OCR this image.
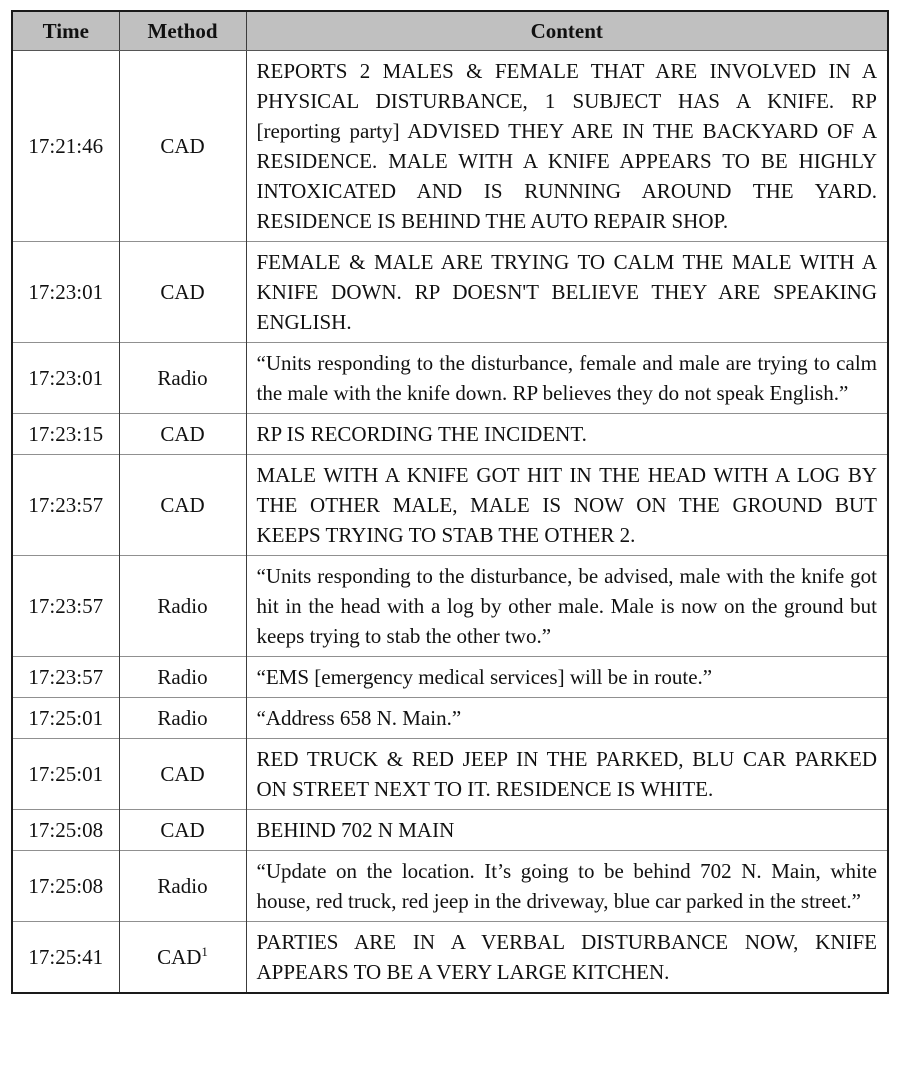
Time	Method	Content
17:21:46	CAD	REPORTS 2 MALES & FEMALE THAT ARE INVOLVED IN A PHYSICAL DISTURBANCE, 1 SUBJECT HAS A KNIFE. RP [reporting party] ADVISED THEY ARE IN THE BACKYARD OF A RESIDENCE. MALE WITH A KNIFE APPEARS TO BE HIGHLY INTOXICATED AND IS RUNNING AROUND THE YARD. RESIDENCE IS BEHIND THE AUTO REPAIR SHOP.
17:23:01	CAD	FEMALE & MALE ARE TRYING TO CALM THE MALE WITH A KNIFE DOWN. RP DOESN'T BELIEVE THEY ARE SPEAKING ENGLISH.
17:23:01	Radio	“Units responding to the disturbance, female and male are trying to calm the male with the knife down. RP believes they do not speak English.”
17:23:15	CAD	RP IS RECORDING THE INCIDENT.
17:23:57	CAD	MALE WITH A KNIFE GOT HIT IN THE HEAD WITH A LOG BY THE OTHER MALE, MALE IS NOW ON THE GROUND BUT KEEPS TRYING TO STAB THE OTHER 2.
17:23:57	Radio	“Units responding to the disturbance, be advised, male with the knife got hit in the head with a log by other male. Male is now on the ground but keeps trying to stab the other two.”
17:23:57	Radio	“EMS [emergency medical services] will be in route.”
17:25:01	Radio	“Address 658 N. Main.”
17:25:01	CAD	RED TRUCK & RED JEEP IN THE PARKED, BLU CAR PARKED ON STREET NEXT TO IT. RESIDENCE IS WHITE.
17:25:08	CAD	BEHIND 702 N MAIN
17:25:08	Radio	“Update on the location. It’s going to be behind 702 N. Main, white house, red truck, red jeep in the driveway, blue car parked in the street.”
17:25:41	CAD$^1$	PARTIES ARE IN A VERBAL DISTURBANCE NOW, KNIFE APPEARS TO BE A VERY LARGE KITCHEN.
